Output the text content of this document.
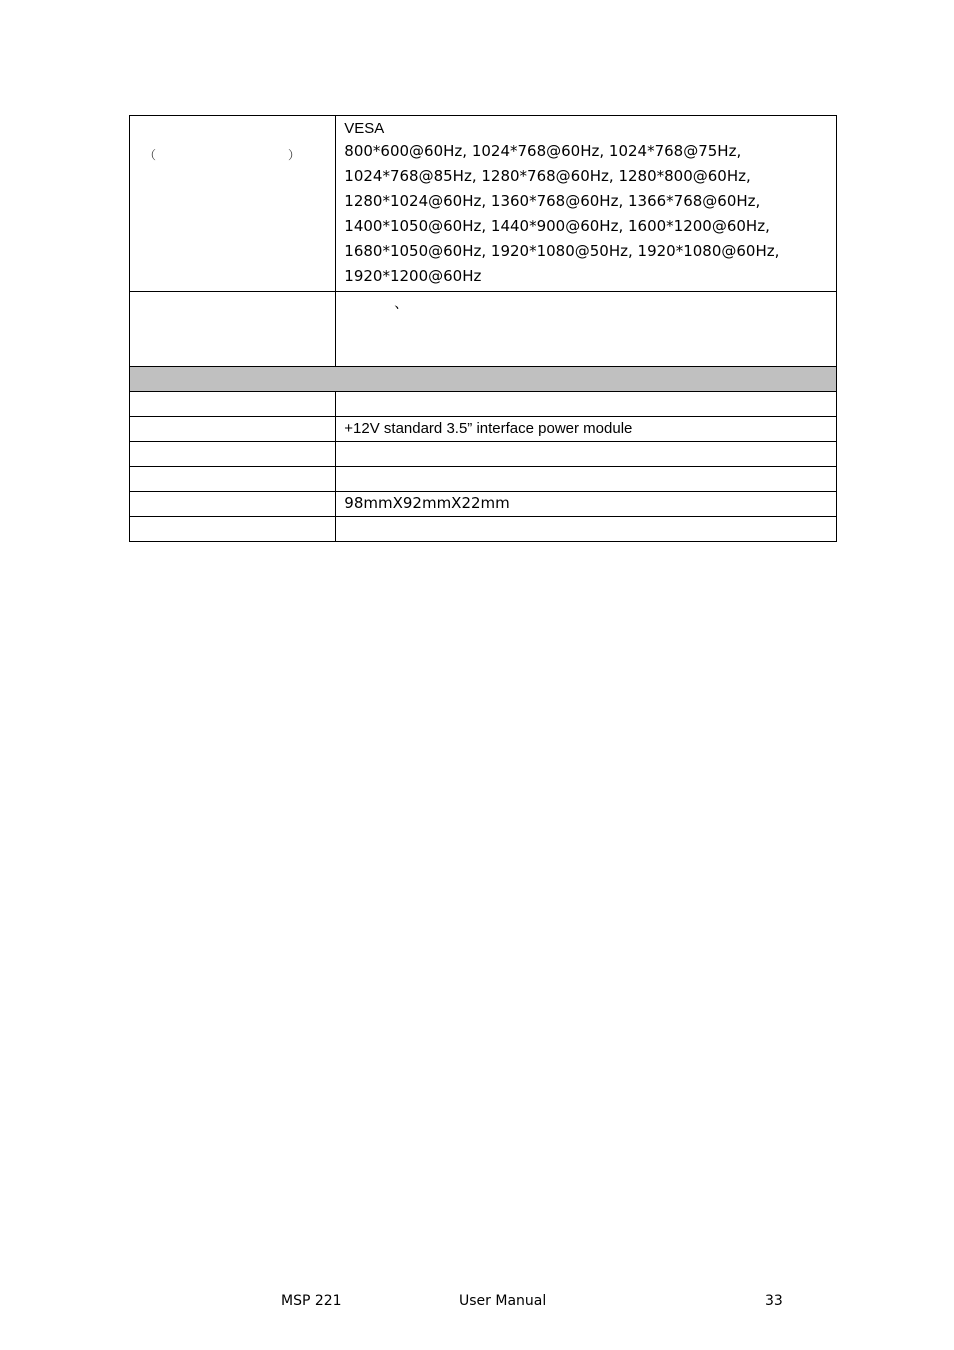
（ ）	VESA
800*600@60Hz, 1024*768@60Hz, 1024*768@75Hz, 1024*768@85Hz, 1280*768@60Hz, 1280*800@60Hz, 1280*1024@60Hz, 1360*768@60Hz, 1366*768@60Hz, 1400*1050@60Hz, 1440*900@60Hz, 1600*1200@60Hz, 1680*1050@60Hz, 1920*1080@50Hz, 1920*1080@60Hz, 1920*1200@60Hz

	、

	+12V standard 3.5” interface power module

	98mmX92mmX22mm

MSP 221	User Manual	33
